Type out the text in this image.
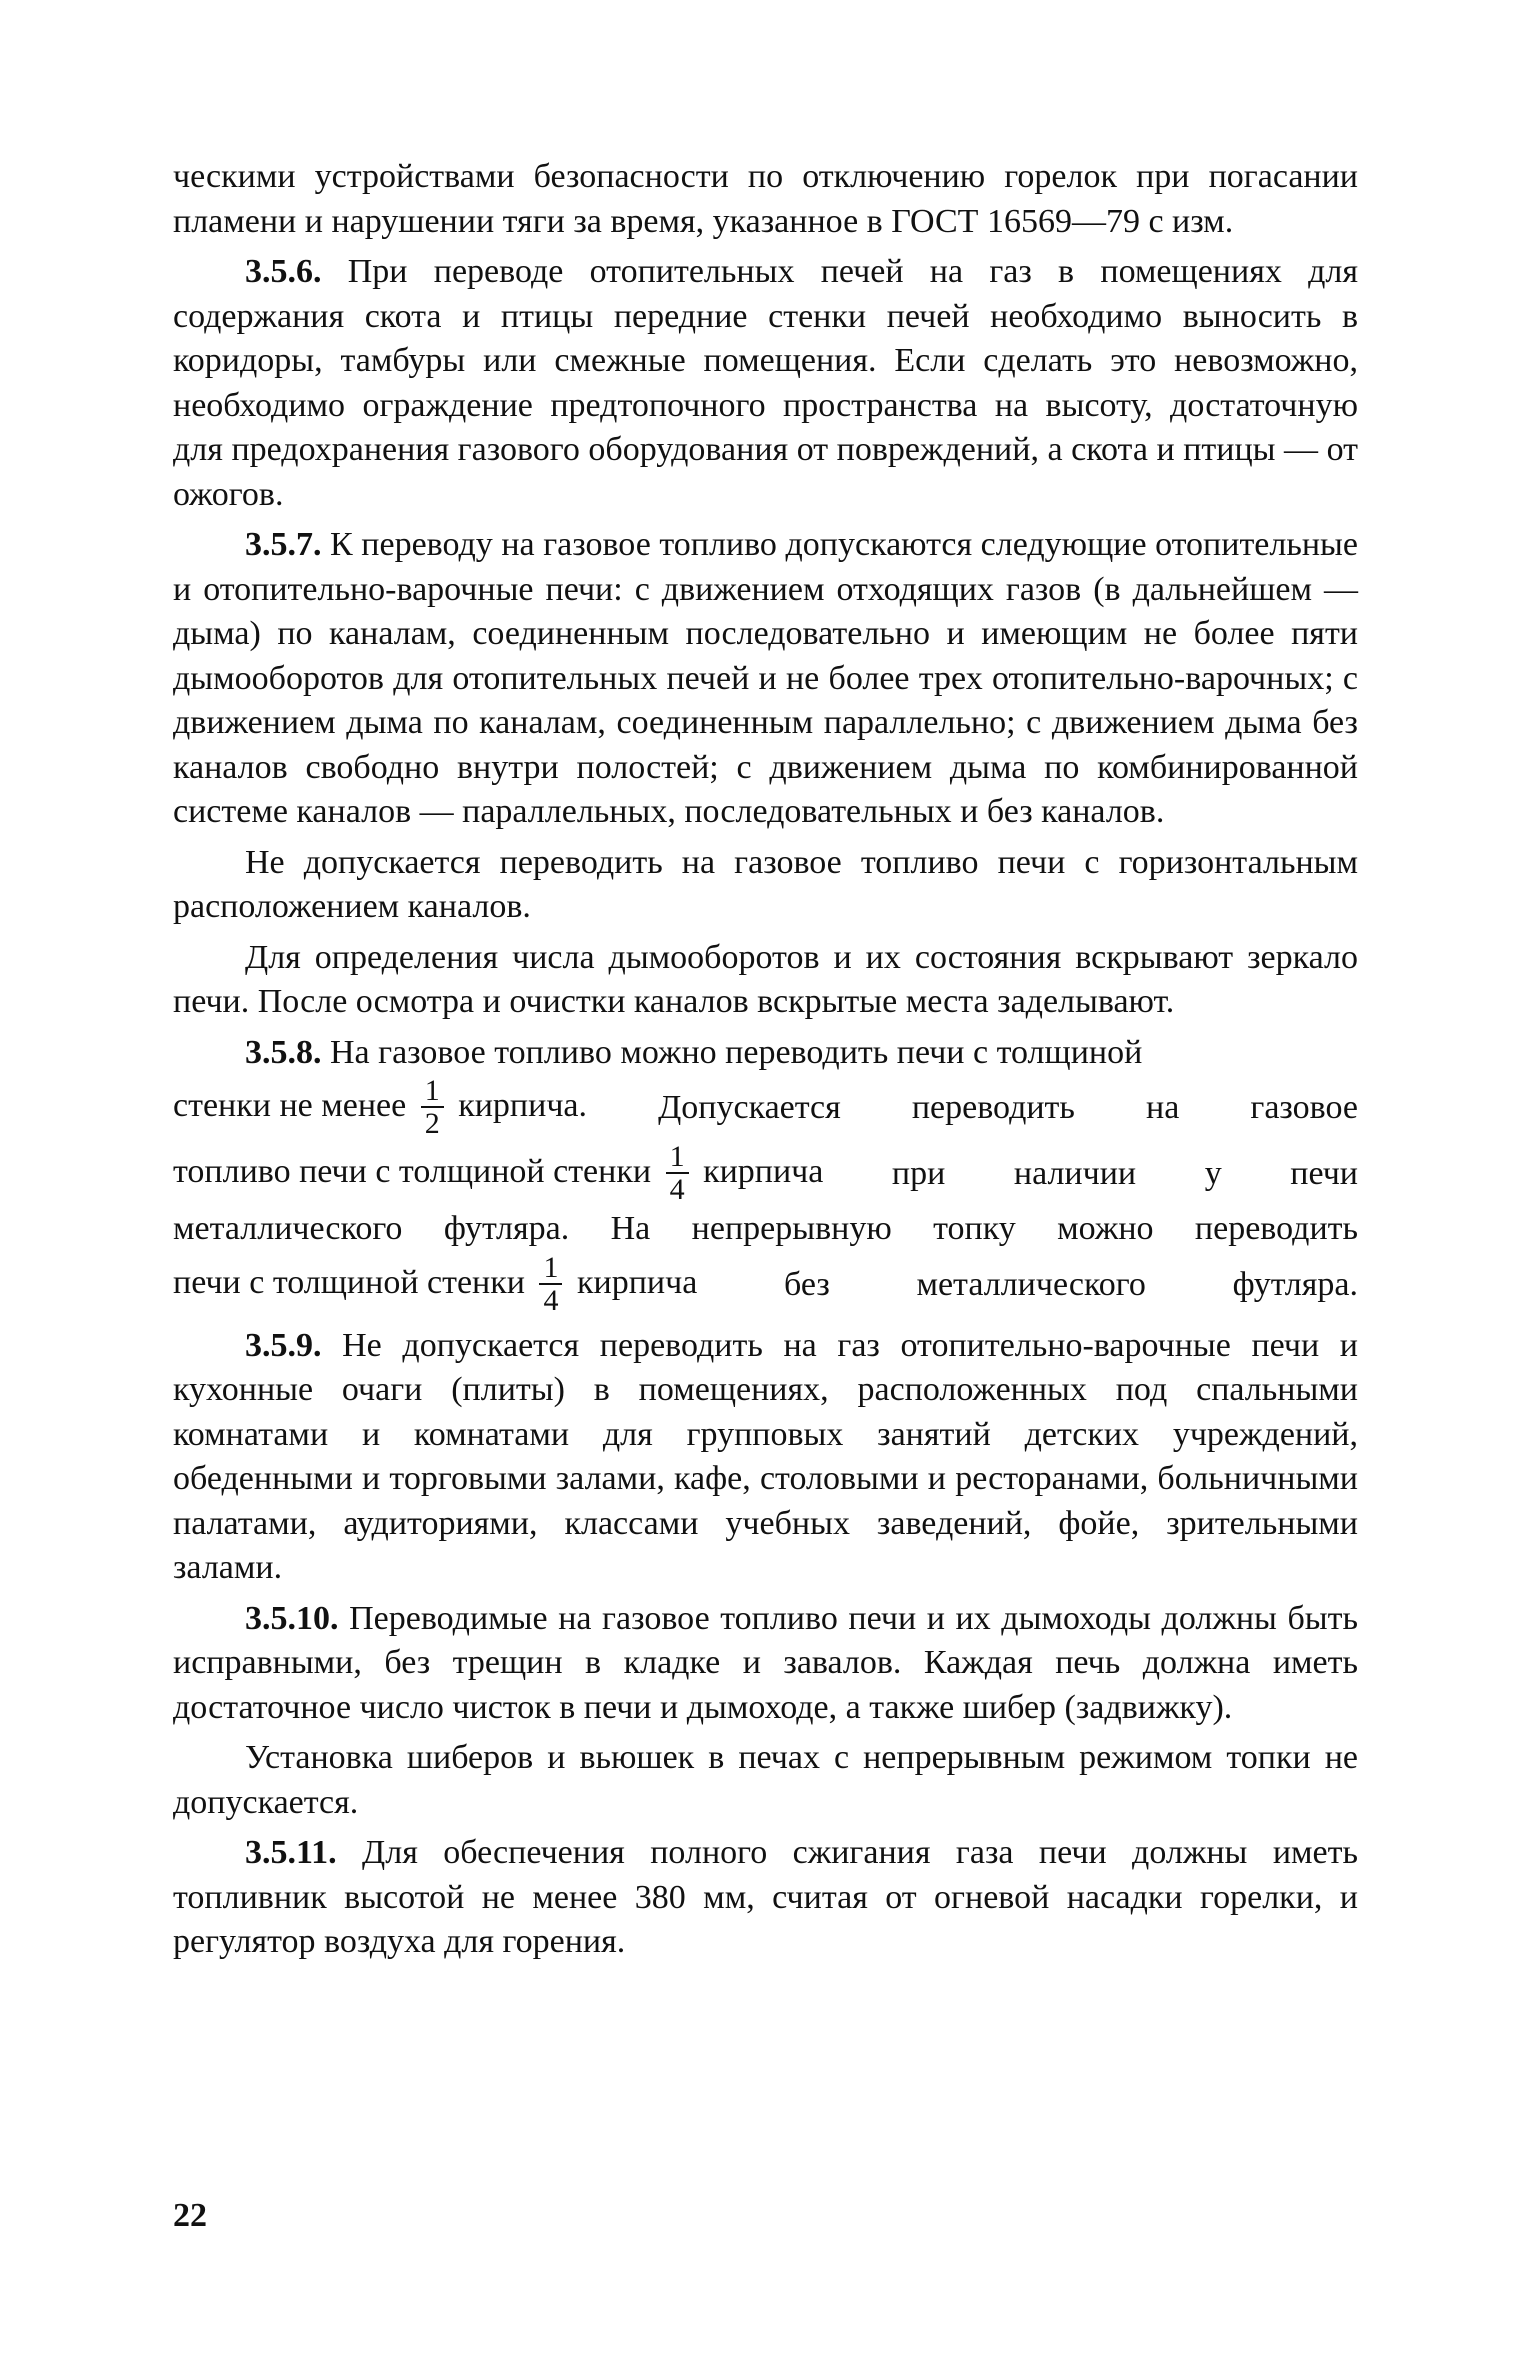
ческими устройствами безопасности по отключению горелок при погасании пламени и нарушении тяги за время, указанное в ГОСТ 16569—79 с изм.

3.5.6. При переводе отопительных печей на газ в помещениях для содержания скота и птицы передние стенки печей необходимо выносить в коридоры, тамбуры или смежные помещения. Если сделать это невозможно, необходимо ограждение предтопочного пространства на высоту, достаточную для предохранения газового оборудования от повреждений, а скота и птицы — от ожогов.

3.5.7. К переводу на газовое топливо допускаются следующие отопительные и отопительно-варочные печи: с движением отходящих газов (в дальнейшем — дыма) по каналам, соединенным последовательно и имеющим не более пяти дымооборотов для отопительных печей и не более трех отопительно-варочных; с движением дыма по каналам, соединенным параллельно; с движением дыма без каналов свободно внутри полостей; с движением дыма по комбинированной системе каналов — параллельных, последовательных и без каналов.

Не допускается переводить на газовое топливо печи с горизонтальным расположением каналов.

Для определения числа дымооборотов и их состояния вскрывают зеркало печи. После осмотра и очистки каналов вскрытые места заделывают.

3.5.8. На газовое топливо можно переводить печи с толщиной

стенки не менее $\frac{1}{2}$ кирпича. Допускается переводить на газовое
топливо печи с толщиной стенки $\frac{1}{4}$ кирпича при наличии у печи

металлического футляра. На непрерывную топку можно переводить

печи с толщиной стенки $\frac{1}{4}$ кирпича	без	металлического	футляра.

3.5.9. Не допускается переводить на газ отопительно-варочные печи и кухонные очаги (плиты) в помещениях, расположенных под спальными комнатами и комнатами для групповых занятий детских учреждений, обеденными и торговыми залами, кафе, столовыми и ресторанами, больничными палатами, аудиториями, классами учебных заведений, фойе, зрительными залами.

3.5.10. Переводимые на газовое топливо печи и их дымоходы должны быть исправными, без трещин в кладке и завалов. Каждая печь должна иметь достаточное число чисток в печи и дымоходе, а также шибер (задвижку).

Установка шиберов и вьюшек в печах с непрерывным режимом топки не допускается.

3.5.11. Для обеспечения полного сжигания газа печи должны иметь топливник высотой не менее 380 мм, считая от огневой насадки горелки, и регулятор воздуха для горения.

22
